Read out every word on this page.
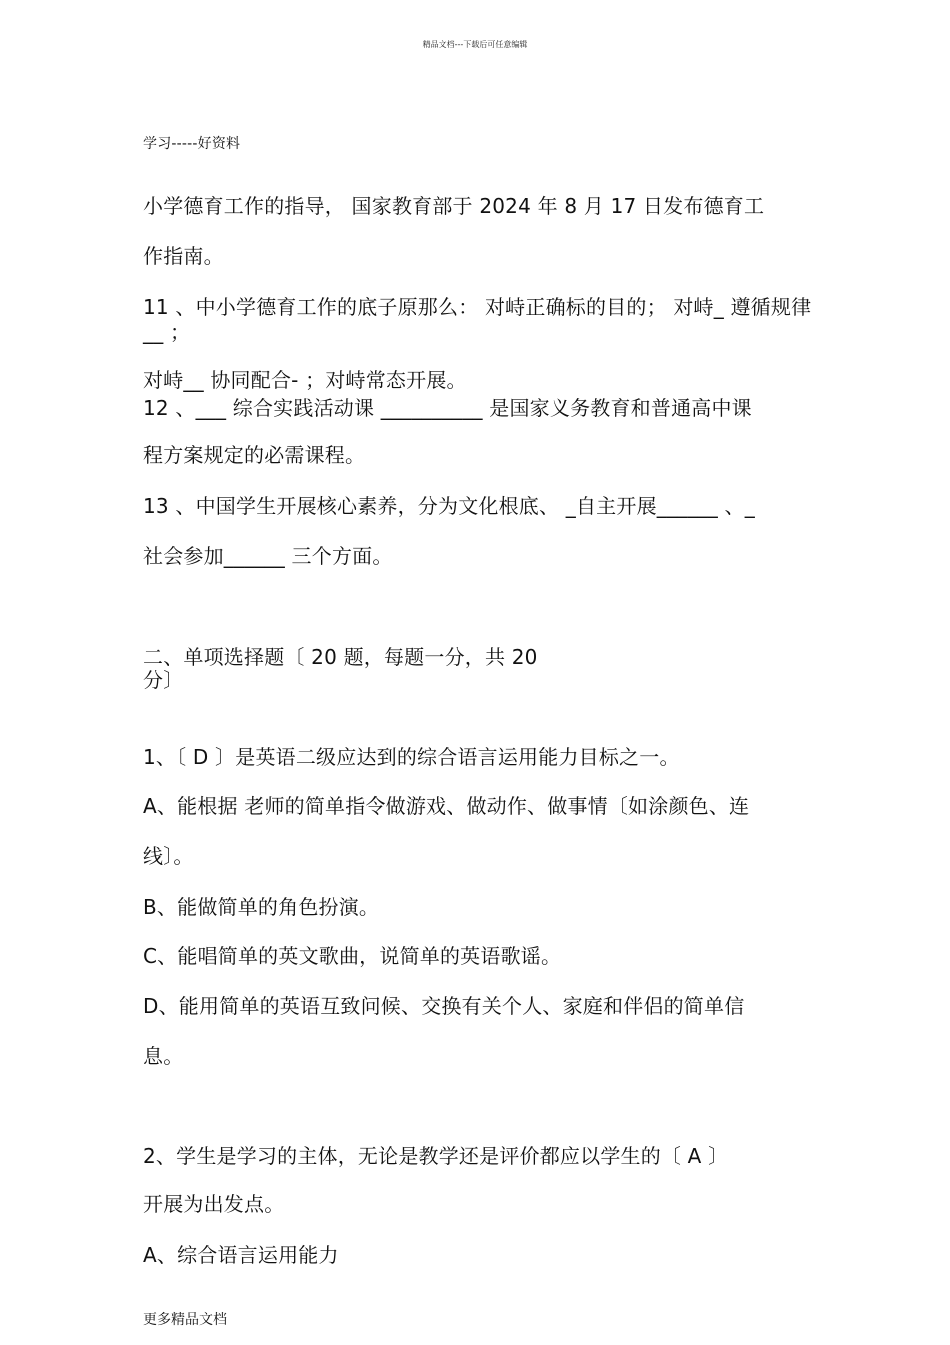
精品文档---下载后可任意编辑
学习-----好资料
小学德育工作的指导， 国家教育部于 2024 年 8 月 17 日发布德育工
作指南。
11 、中小学德育工作的底子原那么： 对峙正确标的目的； 对峙_ 遵循规律
__ ；
对峙__ 协同配合- ；对峙常态开展。
12 、___ 综合实践活动课 __________ 是国家义务教育和普通高中课
程方案规定的必需课程。
13 、中国学生开展核心素养，分为文化根底、 _自主开展______ 、_
社会参加______ 三个方面。
二、单项选择题〔 20 题，每题一分，共 20
分〕
1、〔 D 〕是英语二级应达到的综合语言运用能力目标之一。
A、能根据 老师的简单指令做游戏、做动作、做事情〔如涂颜色、连
线〕。
B、能做简单的角色扮演。
C、能唱简单的英文歌曲，说简单的英语歌谣。
D、能用简单的英语互致问候、交换有关个人、家庭和伴侣的简单信
息。
2、学生是学习的主体，无论是教学还是评价都应以学生的〔 A 〕
开展为出发点。
A、综合语言运用能力
更多精品文档
